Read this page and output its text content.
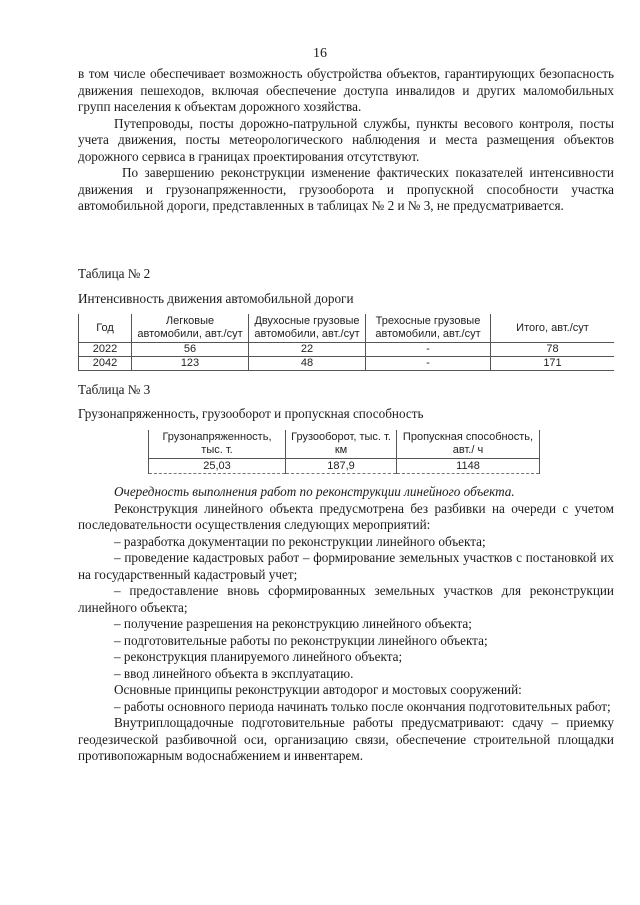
16

в том числе обеспечивает возможность обустройства объектов, гарантирующих безопасность движения пешеходов, включая обеспечение доступа инвалидов и других маломобильных групп населения к объектам дорожного хозяйства.

Путепроводы, посты дорожно-патрульной службы, пункты весового контроля, посты учета движения, посты метеорологического наблюдения и места размещения объектов дорожного сервиса в границах проектирования отсутствуют.

По завершению реконструкции изменение фактических показателей интенсивности движения и грузонапряженности, грузооборота и пропускной способности участка автомобильной дороги, представленных в таблицах № 2 и № 3, не предусматривается.

Таблица № 2

Интенсивность движения автомобильной дороги

Год	Легковые автомобили, авт./сут	Двухосные грузовые автомобили, авт./сут	Трехосные грузовые автомобили, авт./сут	Итого, авт./сут
2022	56	22	-	78
2042	123	48	-	171

Таблица № 3

Грузонапряженность, грузооборот и пропускная способность

Грузонапряженность, тыс. т.	Грузооборот, тыс. т. км	Пропускная способность, авт./ ч
25,03	187,9	1148

Очередность выполнения работ по реконструкции линейного объекта.

Реконструкция линейного объекта предусмотрена без разбивки на очереди с учетом последовательности осуществления следующих мероприятий:

– разработка документации по реконструкции линейного объекта;

– проведение кадастровых работ – формирование земельных участков с постановкой их на государственный кадастровый учет;

– предоставление вновь сформированных земельных участков для реконструкции линейного объекта;

– получение разрешения на реконструкцию линейного объекта;

– подготовительные работы по реконструкции линейного объекта;

– реконструкция планируемого линейного объекта;

– ввод линейного объекта в эксплуатацию.

Основные принципы реконструкции автодорог и мостовых сооружений:

– работы основного периода начинать только после окончания подготовительных работ;

Внутриплощадочные подготовительные работы предусматривают: сдачу – приемку геодезической разбивочной оси, организацию связи, обеспечение строительной площадки противопожарным водоснабжением и инвентарем.
